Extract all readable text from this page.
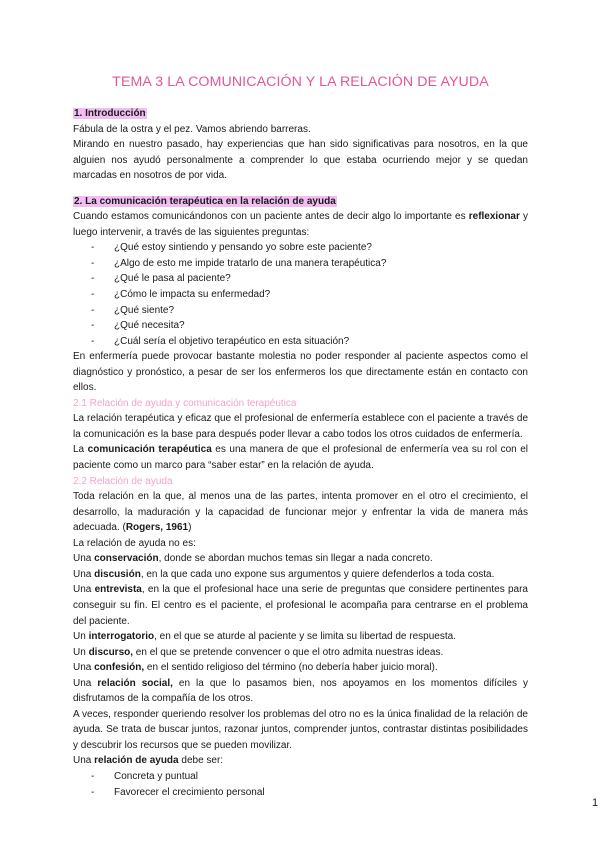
TEMA 3 LA COMUNICACIÓN Y LA RELACIÓN DE AYUDA

1. Introducción

Fábula de la ostra y el pez. Vamos abriendo barreras.

Mirando en nuestro pasado, hay experiencias que han sido significativas para nosotros, en la que alguien nos ayudó personalmente a comprender lo que estaba ocurriendo mejor y se quedan marcadas en nosotros de por vida.

2. La comunicación terapéutica en la relación de ayuda

Cuando estamos comunicándonos con un paciente antes de decir algo lo importante es reflexionar y luego intervenir, a través de las siguientes preguntas:

- ¿Qué estoy sintiendo y pensando yo sobre este paciente?
- ¿Algo de esto me impide tratarlo de una manera terapéutica?
- ¿Qué le pasa al paciente?
- ¿Cómo le impacta su enfermedad?
- ¿Qué siente?
- ¿Qué necesita?
- ¿Cuál sería el objetivo terapéutico en esta situación?

En enfermería puede provocar bastante molestia no poder responder al paciente aspectos como el diagnóstico y pronóstico, a pesar de ser los enfermeros los que directamente están en contacto con ellos.

2.1 Relación de ayuda y comunicación terapéutica

La relación terapéutica y eficaz que el profesional de enfermería establece con el paciente a través de la comunicación es la base para después poder llevar a cabo todos los otros cuidados de enfermería.

La comunicación terapéutica es una manera de que el profesional de enfermería vea su rol con el paciente como un marco para “saber estar” en la relación de ayuda.

2.2 Relación de ayuda

Toda relación en la que, al menos una de las partes, intenta promover en el otro el crecimiento, el desarrollo, la maduración y la capacidad de funcionar mejor y enfrentar la vida de manera más adecuada. (Rogers, 1961)

La relación de ayuda no es:

Una conservación, donde se abordan muchos temas sin llegar a nada concreto.

Una discusión, en la que cada uno expone sus argumentos y quiere defenderlos a toda costa.

Una entrevista, en la que el profesional hace una serie de preguntas que considere pertinentes para conseguir su fin. El centro es el paciente, el profesional le acompaña para centrarse en el problema del paciente.

Un interrogatorio, en el que se aturde al paciente y se limita su libertad de respuesta.

Un discurso, en el que se pretende convencer o que el otro admita nuestras ideas.

Una confesión, en el sentido religioso del término (no debería haber juicio moral).

Una relación social, en la que lo pasamos bien, nos apoyamos en los momentos difíciles y disfrutamos de la compañía de los otros.

A veces, responder queriendo resolver los problemas del otro no es la única finalidad de la relación de ayuda. Se trata de buscar juntos, razonar juntos, comprender juntos, contrastar distintas posibilidades y descubrir los recursos que se pueden movilizar.

Una relación de ayuda debe ser:

- Concreta y puntual
- Favorecer el crecimiento personal
1
